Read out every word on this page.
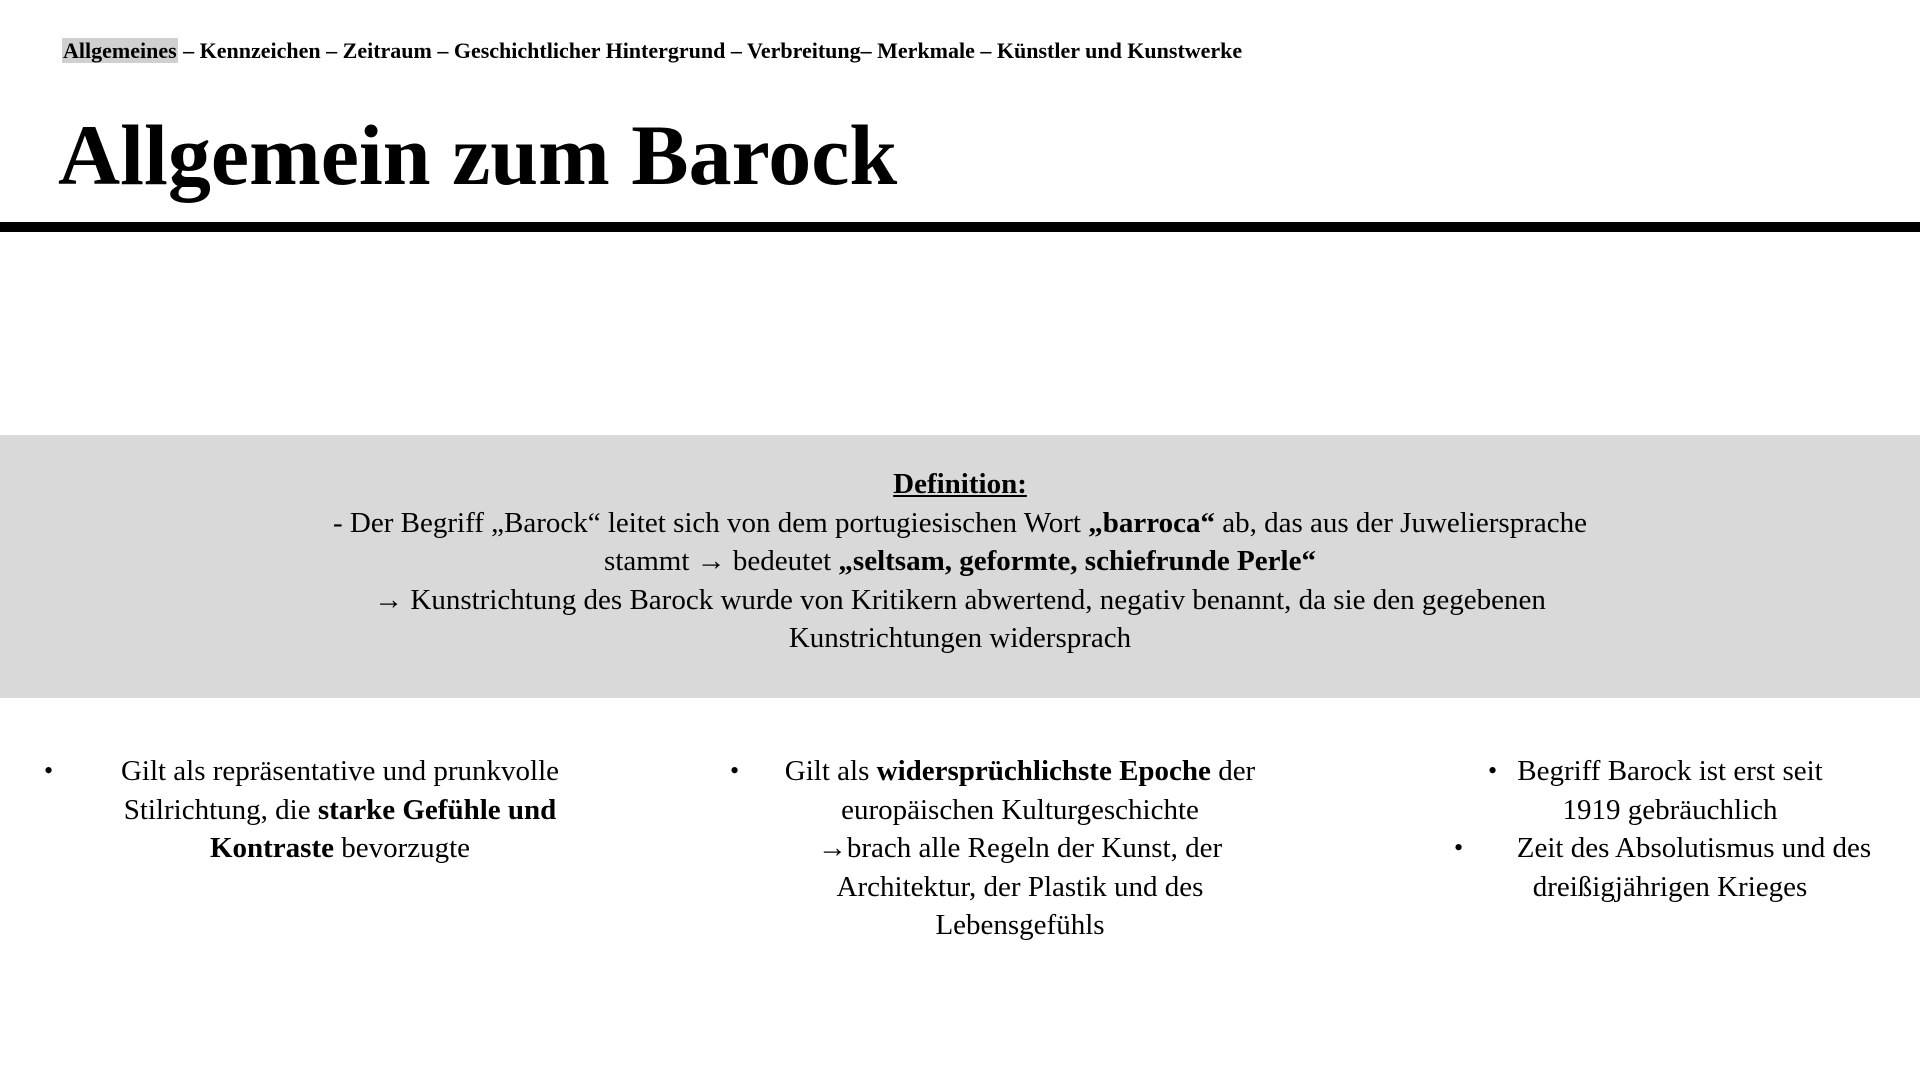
Allgemeines – Kennzeichen – Zeitraum – Geschichtlicher Hintergrund – Verbreitung– Merkmale – Künstler und Kunstwerke
Allgemein zum Barock
Definition:
- Der Begriff „Barock“ leitet sich von dem portugiesischen Wort „barroca“ ab, das aus der Juweliersprache
stammt → bedeutet „seltsam, geformte, schiefrunde Perle“
→ Kunstrichtung des Barock wurde von Kritikern abwertend, negativ benannt, da sie den gegebenen
Kunstrichtungen widersprach
•	Gilt als repräsentative und prunkvolle
Stilrichtung, die starke Gefühle und
Kontraste bevorzugte
•	Gilt als widersprüchlichste Epoche der
europäischen Kulturgeschichte
→brach alle Regeln der Kunst, der
Architektur, der Plastik und des
Lebensgefühls
• Begriff Barock ist erst seit
1919 gebräuchlich
•	Zeit des Absolutismus und des
dreißigjährigen Krieges
